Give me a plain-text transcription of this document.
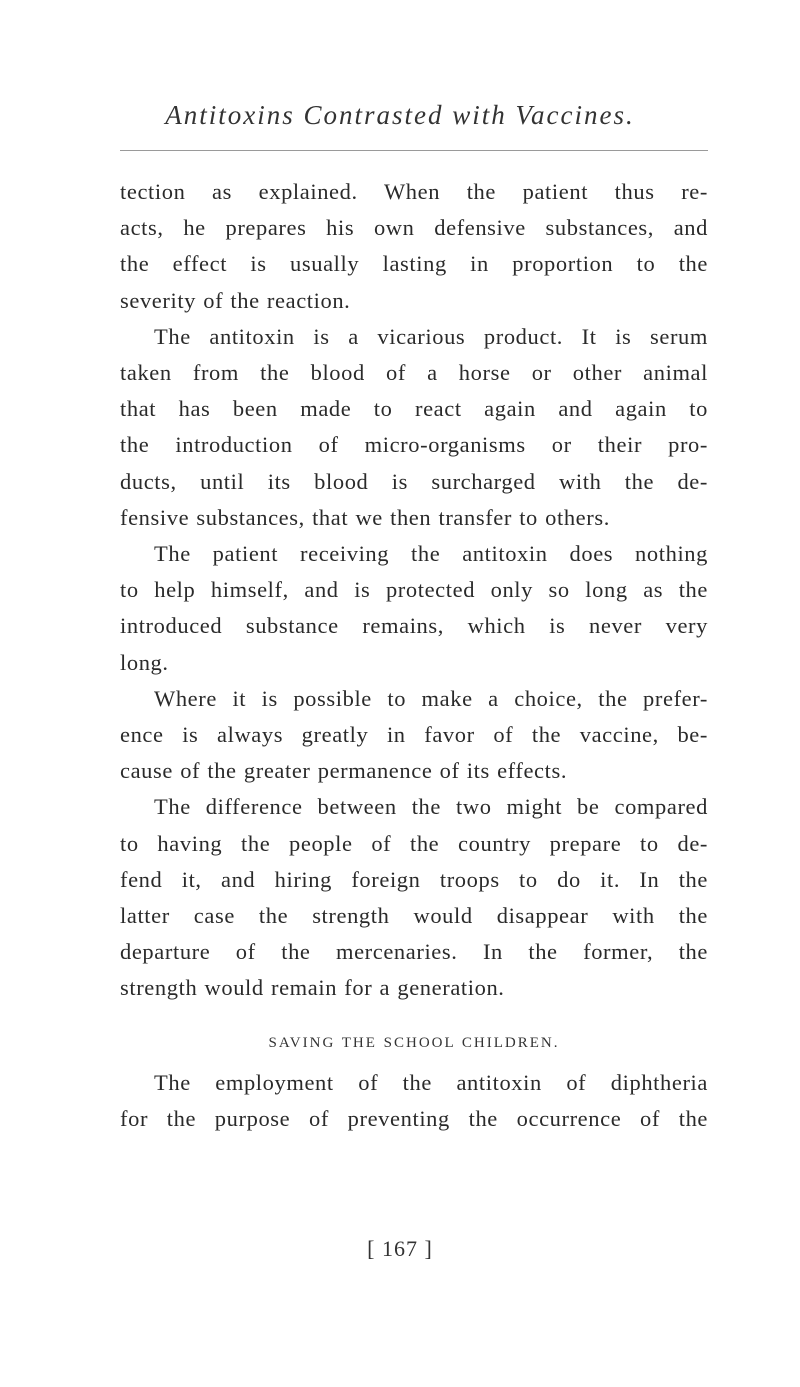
Antitoxins Contrasted with Vaccines.
tection as explained. When the patient thus re-
acts, he prepares his own defensive substances, and
the effect is usually lasting in proportion to the
severity of the reaction.
The antitoxin is a vicarious product. It is serum
taken from the blood of a horse or other animal
that has been made to react again and again to
the introduction of micro-organisms or their pro-
ducts, until its blood is surcharged with the de-
fensive substances, that we then transfer to others.
The patient receiving the antitoxin does nothing
to help himself, and is protected only so long as the
introduced substance remains, which is never very
long.
Where it is possible to make a choice, the prefer-
ence is always greatly in favor of the vaccine, be-
cause of the greater permanence of its effects.
The difference between the two might be compared
to having the people of the country prepare to de-
fend it, and hiring foreign troops to do it. In the
latter case the strength would disappear with the
departure of the mercenaries. In the former, the
strength would remain for a generation.
SAVING THE SCHOOL CHILDREN.
The employment of the antitoxin of diphtheria
for the purpose of preventing the occurrence of the
[ 167 ]
